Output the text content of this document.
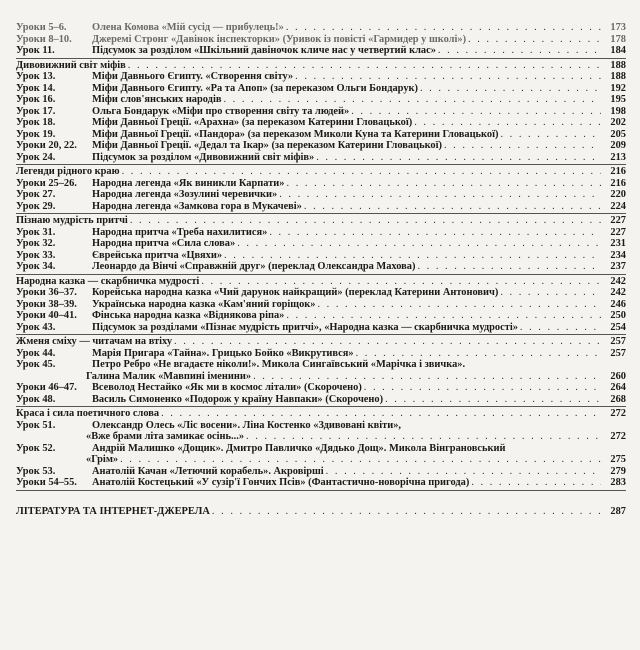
Уроки 5–6.	Олена Комова «Мій сусід — прибулець!» . . .	173
Уроки 8–10.	Джеремі Стронг «Давінок інспекторки» (Уривок із повісті «Гармидер у школі») . . .	178
Урок 11.	Підсумок за розділом «Шкільний давіночок кличе нас у четвертий клас» . . .	184
Дивовижний світ міфів . . .	188
Урок 13.	Міфи Давнього Єгипту. «Створення світу» . . .	188
Урок 14.	Міфи Давнього Єгипту. «Ра та Апоп» (за переказом Ольги Бондарук) . . .	192
Урок 16.	Міфи слов'янських народів . . .	195
Урок 17.	Ольга Бондарук «Міфи про створення світу та людей» . . .	198
Урок 18.	Міфи Давньої Греції. «Арахна» (за переказом Катерини Гловацької) . . .	202
Урок 19.	Міфи Давньої Греції. «Пандора» (за переказом Миколи Куна та Катерини Гловацької) . . .	205
Уроки 20, 22.	Міфи Давньої Греції. «Дедал та Ікар» (за переказом Катерини Гловацької) . . .	209
Урок 24.	Підсумок за розділом «Дивовижний світ міфів» . . .	213
Легенди рідного краю . . .	216
Уроки 25–26.	Народна легенда «Як виникли Карпати» . . .	216
Урок 27.	Народна легенда «Зозулині черевички» . . .	220
Урок 29.	Народна легенда «Замкова гора в Мукачеві» . . .	224
Пізнаю мудрість притчі . . .	227
Урок 31.	Народна притча «Треба нахилитися» . . .	227
Урок 32.	Народна притча «Сила слова» . . .	231
Урок 33.	Єврейська притча «Цвяхи» . . .	234
Урок 34.	Леонардо да Вінчі «Справжній друг» (переклад Олександра Махова) . . .	237
Народна казка — скарбничка мудрості . . .	242
Уроки 36–37.	Корейська народна казка «Чий дарунок найкращий» (переклад Катерини Антонович) . . .	242
Уроки 38–39.	Українська народна казка «Кам'яний горіщок» . . .	246
Уроки 40–41.	Фінська народна казка «Віднякова ріпа» . . .	250
Урок 43.	Підсумок за розділами «Пізнає мудрість притчі», «Народна казка — скарбничка мудрості» . . .	254
Жменя сміху — читачам на втіху . . .	257
Урок 44.	Марія Пригара «Тайна». Грицько Бойко «Викрутився» . . .	257
Урок 45.	Петро Ребро «Не вгадаєте ніколи!». Микола Сингаївський «Марічка і звичка».
Галина Малик «Мавпині іменини» . . .	260
Уроки 46–47.	Всеволод Нестайко «Як ми в космос літали» (Скорочено) . . .	264
Урок 48.	Василь Симоненко «Подорож у країну Навпаки» (Скорочено) . . .	268
Краса і сила поетичного слова . . .	272
Урок 51.	Олександр Олесь «Ліс восени». Ліна Костенко «Здивовані квіти»,
«Вже брами літа замикає осінь...» . . .	272
Урок 52.	Андрій Малишко «Дощик». Дмитро Павличко «Дядько Дощ». Микола Вінграновський
«Грім» . . .	275
Урок 53.	Анатолій Качан «Летючий корабель». Акровірші . . .	279
Уроки 54–55.	Анатолій Костецький «У сузір'ї Гончих Псів» (Фантастично-новорічна пригода) . . .	283
ЛІТЕРАТУРА ТА ІНТЕРНЕТ-ДЖЕРЕЛА . . .	287
